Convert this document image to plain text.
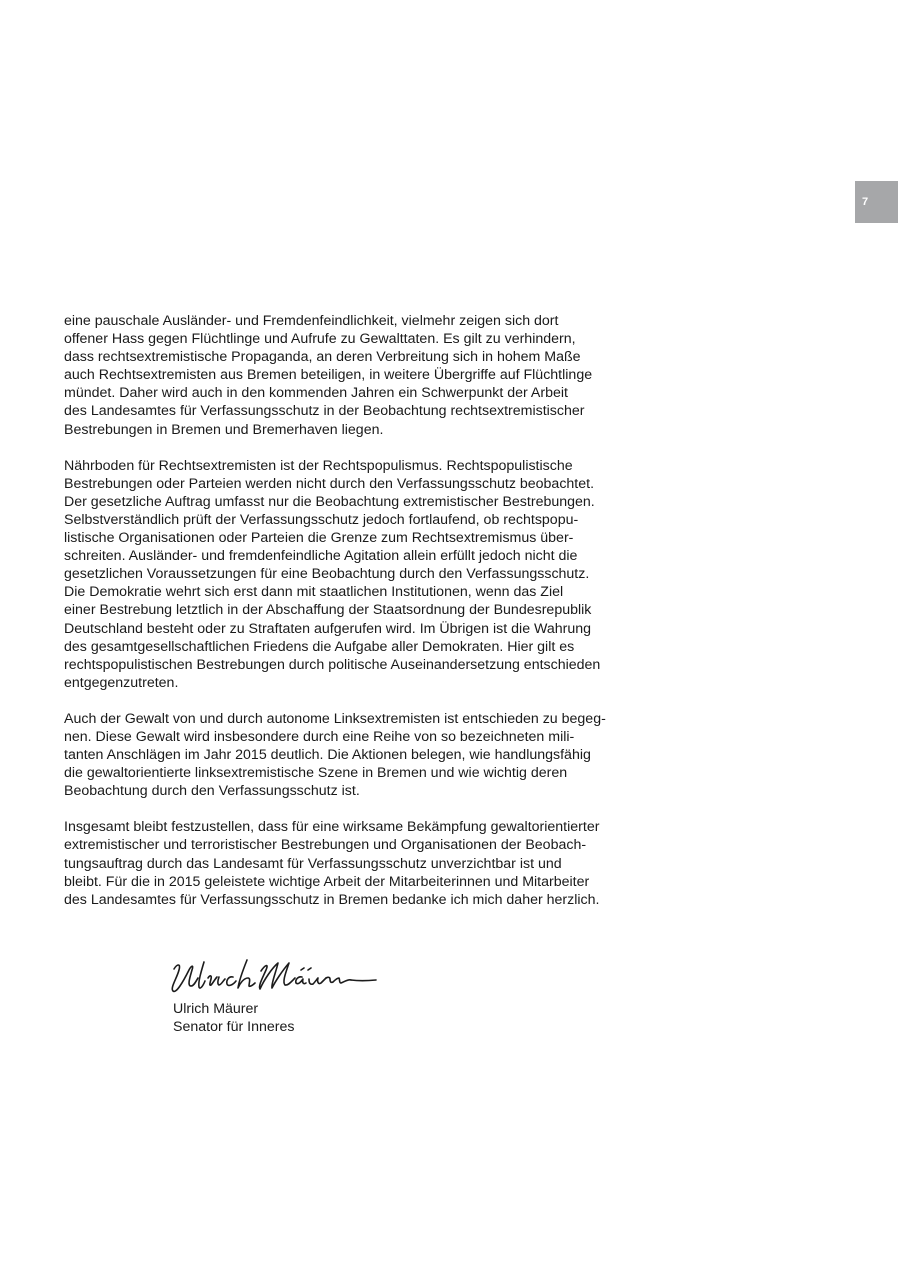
7

eine pauschale Ausländer- und Fremdenfeindlichkeit, vielmehr zeigen sich dort
offener Hass gegen Flüchtlinge und Aufrufe zu Gewalttaten. Es gilt zu verhindern,
dass rechtsextremistische Propaganda, an deren Verbreitung sich in hohem Maße
auch Rechtsextremisten aus Bremen beteiligen, in weitere Übergriffe auf Flüchtlinge
mündet. Daher wird auch in den kommenden Jahren ein Schwerpunkt der Arbeit
des Landesamtes für Verfassungsschutz in der Beobachtung rechtsextremistischer
Bestrebungen in Bremen und Bremerhaven liegen.

Nährboden für Rechtsextremisten ist der Rechtspopulismus. Rechtspopulistische
Bestrebungen oder Parteien werden nicht durch den Verfassungsschutz beobachtet.
Der gesetzliche Auftrag umfasst nur die Beobachtung extremistischer Bestrebungen.
Selbstverständlich prüft der Verfassungsschutz jedoch fortlaufend, ob rechtspopu-
listische Organisationen oder Parteien die Grenze zum Rechtsextremismus über-
schreiten. Ausländer- und fremdenfeindliche Agitation allein erfüllt jedoch nicht die
gesetzlichen Voraussetzungen für eine Beobachtung durch den Verfassungsschutz.
Die Demokratie wehrt sich erst dann mit staatlichen Institutionen, wenn das Ziel
einer Bestrebung letztlich in der Abschaffung der Staatsordnung der Bundesrepublik
Deutschland besteht oder zu Straftaten aufgerufen wird. Im Übrigen ist die Wahrung
des gesamtgesellschaftlichen Friedens die Aufgabe aller Demokraten. Hier gilt es
rechtspopulistischen Bestrebungen durch politische Auseinandersetzung entschieden
entgegenzutreten.

Auch der Gewalt von und durch autonome Linksextremisten ist entschieden zu begeg-
nen. Diese Gewalt wird insbesondere durch eine Reihe von so bezeichneten mili-
tanten Anschlägen im Jahr 2015 deutlich. Die Aktionen belegen, wie handlungsfähig
die gewaltorientierte linksextremistische Szene in Bremen und wie wichtig deren
Beobachtung durch den Verfassungsschutz ist.

Insgesamt bleibt festzustellen, dass für eine wirksame Bekämpfung gewaltorientierter
extremistischer und terroristischer Bestrebungen und Organisationen der Beobach-
tungsauftrag durch das Landesamt für Verfassungsschutz unverzichtbar ist und
bleibt. Für die in 2015 geleistete wichtige Arbeit der Mitarbeiterinnen und Mitarbeiter
des Landesamtes für Verfassungsschutz in Bremen bedanke ich mich daher herzlich.

Ulrich Mäurer
Senator für Inneres
